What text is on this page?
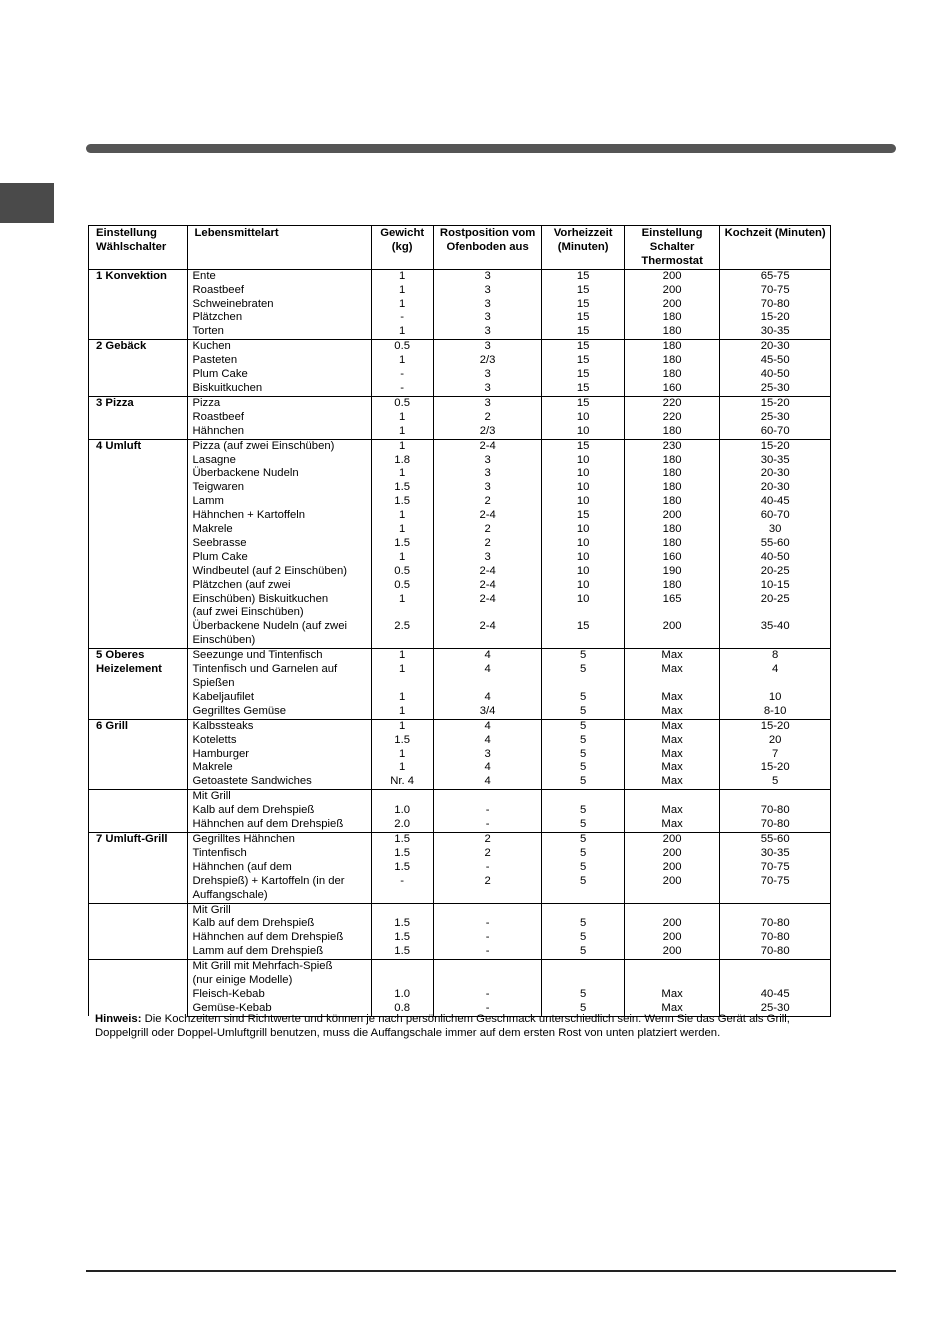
Einstellung Wählschalter	Lebensmittelart	Gewicht (kg)	Rostposition vom Ofenboden aus	Vorheizzeit (Minuten)	Einstellung Schalter Thermostat	Kochzeit (Minuten)
1 Konvektion	Ente	1	3	15	200	65-75
	Roastbeef	1	3	15	200	70-75
	Schweinebraten	1	3	15	200	70-80
	Plätzchen	-	3	15	180	15-20
	Torten	1	3	15	180	30-35
2 Gebäck	Kuchen	0.5	3	15	180	20-30
	Pasteten	1	2/3	15	180	45-50
	Plum Cake	-	3	15	180	40-50
	Biskuitkuchen	-	3	15	160	25-30
3 Pizza	Pizza	0.5	3	15	220	15-20
	Roastbeef	1	2	10	220	25-30
	Hähnchen	1	2/3	10	180	60-70
4 Umluft	Pizza (auf zwei Einschüben)	1	2-4	15	230	15-20
	Lasagne	1.8	3	10	180	30-35
	Überbackene Nudeln	1	3	10	180	20-30
	Teigwaren	1.5	3	10	180	20-30
	Lamm	1.5	2	10	180	40-45
	Hähnchen + Kartoffeln	1	2-4	15	200	60-70
	Makrele	1	2	10	180	30
	Seebrasse	1.5	2	10	180	55-60
	Plum Cake	1	3	10	160	40-50
	Windbeutel (auf 2 Einschüben)	0.5	2-4	10	190	20-25
	Plätzchen (auf zwei	0.5	2-4	10	180	10-15
	Einschüben) Biskuitkuchen	1	2-4	10	165	20-25
	(auf zwei Einschüben)					
	Überbackene Nudeln (auf zwei	2.5	2-4	15	200	35-40
	Einschüben)					
5 Oberes Heizelement	Seezunge und Tintenfisch	1	4	5	Max	8
	Tintenfisch und Garnelen auf	1	4	5	Max	4
	Spießen					
	Kabeljaufilet	1	4	5	Max	10
	Gegrilltes Gemüse	1	3/4	5	Max	8-10
6 Grill	Kalbssteaks	1	4	5	Max	15-20
	Koteletts	1.5	4	5	Max	20
	Hamburger	1	3	5	Max	7
	Makrele	1	4	5	Max	15-20
	Getoastete Sandwiches	Nr. 4	4	5	Max	5
	Mit Grill					
	Kalb auf dem Drehspieß	1.0	-	5	Max	70-80
	Hähnchen auf dem Drehspieß	2.0	-	5	Max	70-80
7 Umluft-Grill	Gegrilltes Hähnchen	1.5	2	5	200	55-60
	Tintenfisch	1.5	2	5	200	30-35
	Hähnchen (auf dem	1.5	-	5	200	70-75
	Drehspieß) + Kartoffeln (in der	-	2	5	200	70-75
	Auffangschale)					
	Mit Grill					
	Kalb auf dem Drehspieß	1.5	-	5	200	70-80
	Hähnchen auf dem Drehspieß	1.5	-	5	200	70-80
	Lamm auf dem Drehspieß	1.5	-	5	200	70-80
	Mit Grill mit Mehrfach-Spieß					
	(nur einige Modelle)					
	Fleisch-Kebab	1.0	-	5	Max	40-45
	Gemüse-Kebab	0.8	-	5	Max	25-30
Hinweis: Die Kochzeiten sind Richtwerte und können je nach persönlichem Geschmack unterschiedlich sein. Wenn Sie das Gerät als Grill, Doppelgrill oder Doppel-Umluftgrill benutzen, muss die Auffangschale immer auf dem ersten Rost von unten platziert werden.
